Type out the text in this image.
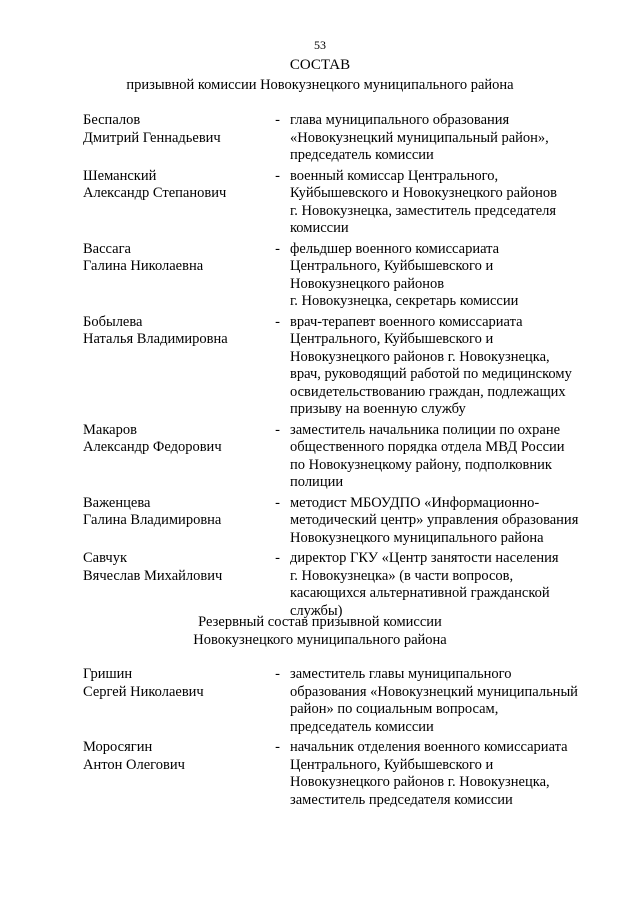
53
СОСТАВ
призывной комиссии Новокузнецкого муниципального района
Беспалов
Дмитрий Геннадьевич
- глава муниципального образования
«Новокузнецкий муниципальный район»,
председатель комиссии
Шеманский
Александр Степанович
- военный комиссар Центрального,
Куйбышевского и Новокузнецкого районов
г. Новокузнецка, заместитель председателя
комиссии
Вассага
Галина Николаевна
- фельдшер военного комиссариата
Центрального, Куйбышевского и
Новокузнецкого районов
г. Новокузнецка, секретарь комиссии
Бобылева
Наталья Владимировна
- врач-терапевт военного комиссариата
Центрального, Куйбышевского и
Новокузнецкого районов г. Новокузнецка,
врач, руководящий работой по медицинскому
освидетельствованию граждан, подлежащих
призыву на военную службу
Макаров
Александр Федорович
- заместитель начальника полиции по охране
общественного порядка отдела МВД России
по Новокузнецкому району, подполковник
полиции
Важенцева
Галина Владимировна
- методист МБОУДПО «Информационно-
методический центр» управления образования
Новокузнецкого муниципального района
Савчук
Вячеслав Михайлович
- директор ГКУ «Центр занятости населения
г. Новокузнецка» (в части вопросов,
касающихся альтернативной гражданской
службы)
Резервный состав призывной комиссии
Новокузнецкого муниципального района
Гришин
Сергей Николаевич
- заместитель главы муниципального
образования «Новокузнецкий муниципальный
район» по социальным вопросам,
председатель комиссии
Моросягин
Антон Олегович
- начальник отделения военного комиссариата
Центрального, Куйбышевского и
Новокузнецкого районов г. Новокузнецка,
заместитель председателя комиссии
